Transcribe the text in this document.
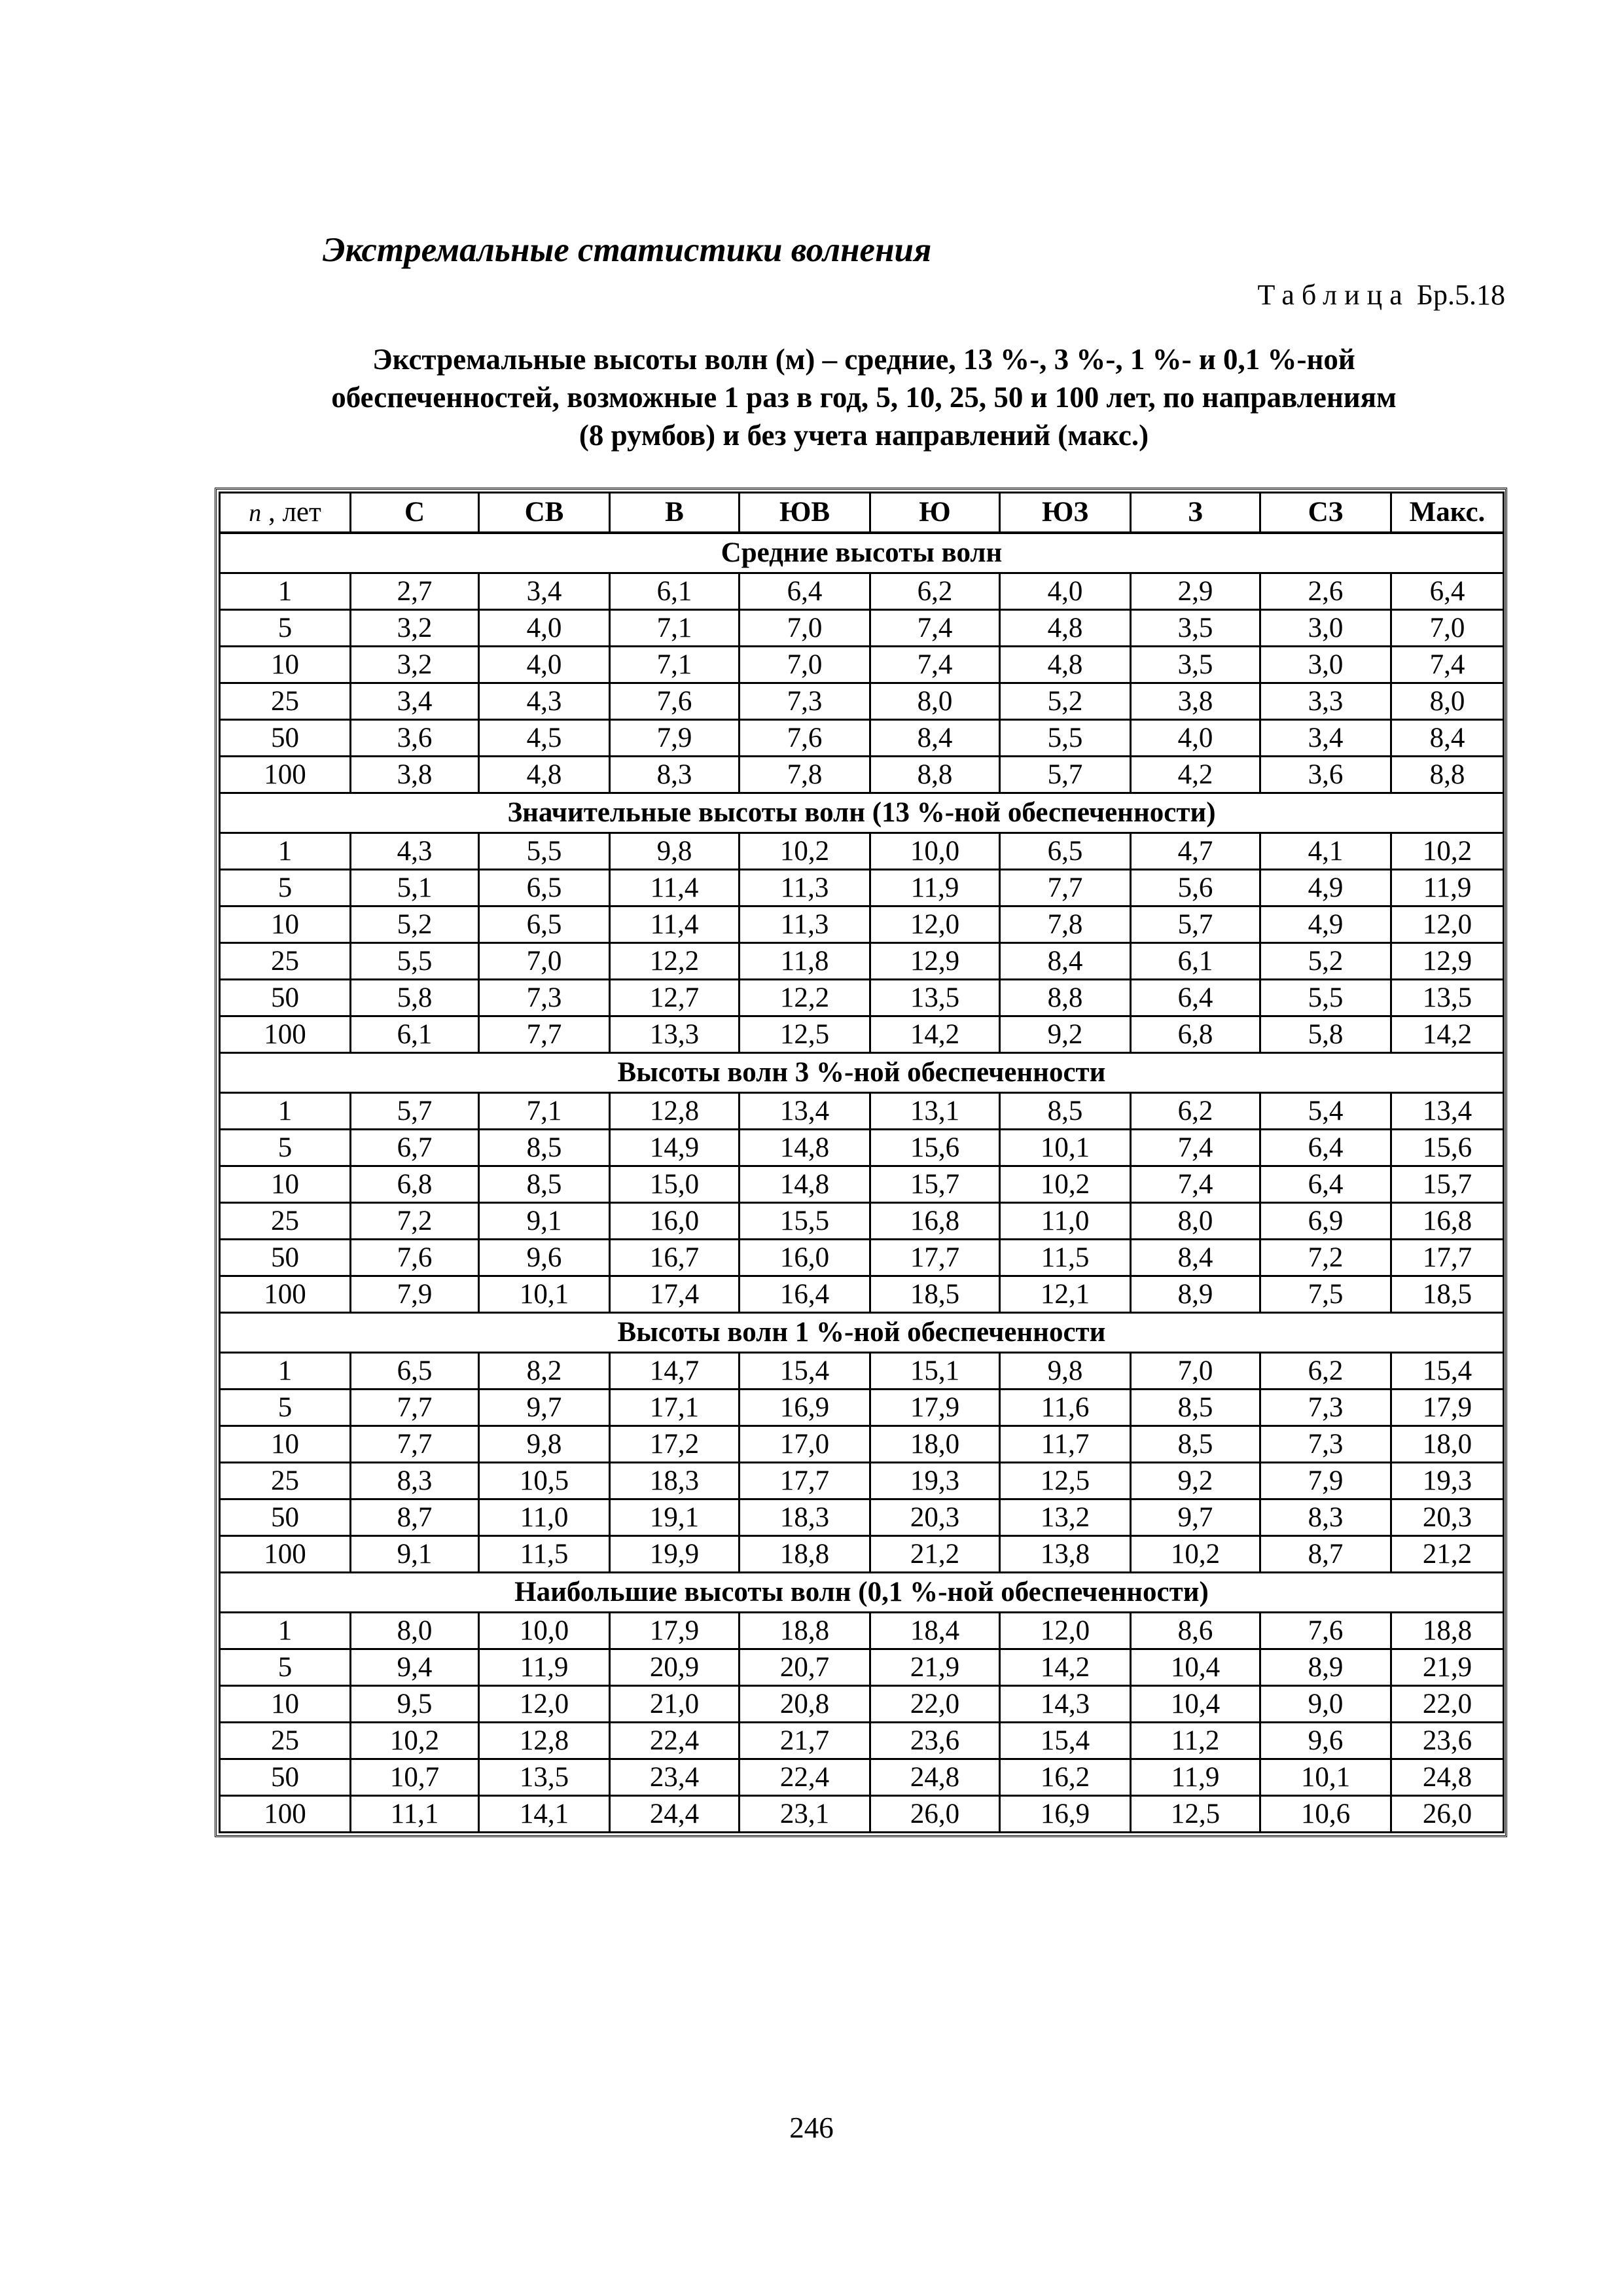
Экстремальные статистики волнения
Таблица Бр.5.18
Экстремальные высоты волн (м) – средние, 13 %-, 3 %-, 1 %- и 0,1 %-ной
обеспеченностей, возможные 1 раз в год, 5, 10, 25, 50 и 100 лет, по направлениям
(8 румбов) и без учета направлений (макс.)
n , лет	С	СВ	В	ЮВ	Ю	ЮЗ	З	СЗ	Макс.
Средние высоты волн									
1	2,7	3,4	6,1	6,4	6,2	4,0	2,9	2,6	6,4
5	3,2	4,0	7,1	7,0	7,4	4,8	3,5	3,0	7,0
10	3,2	4,0	7,1	7,0	7,4	4,8	3,5	3,0	7,4
25	3,4	4,3	7,6	7,3	8,0	5,2	3,8	3,3	8,0
50	3,6	4,5	7,9	7,6	8,4	5,5	4,0	3,4	8,4
100	3,8	4,8	8,3	7,8	8,8	5,7	4,2	3,6	8,8
Значительные высоты волн (13 %-ной обеспеченности)									
1	4,3	5,5	9,8	10,2	10,0	6,5	4,7	4,1	10,2
5	5,1	6,5	11,4	11,3	11,9	7,7	5,6	4,9	11,9
10	5,2	6,5	11,4	11,3	12,0	7,8	5,7	4,9	12,0
25	5,5	7,0	12,2	11,8	12,9	8,4	6,1	5,2	12,9
50	5,8	7,3	12,7	12,2	13,5	8,8	6,4	5,5	13,5
100	6,1	7,7	13,3	12,5	14,2	9,2	6,8	5,8	14,2
Высоты волн 3 %-ной обеспеченности									
1	5,7	7,1	12,8	13,4	13,1	8,5	6,2	5,4	13,4
5	6,7	8,5	14,9	14,8	15,6	10,1	7,4	6,4	15,6
10	6,8	8,5	15,0	14,8	15,7	10,2	7,4	6,4	15,7
25	7,2	9,1	16,0	15,5	16,8	11,0	8,0	6,9	16,8
50	7,6	9,6	16,7	16,0	17,7	11,5	8,4	7,2	17,7
100	7,9	10,1	17,4	16,4	18,5	12,1	8,9	7,5	18,5
Высоты волн 1 %-ной обеспеченности									
1	6,5	8,2	14,7	15,4	15,1	9,8	7,0	6,2	15,4
5	7,7	9,7	17,1	16,9	17,9	11,6	8,5	7,3	17,9
10	7,7	9,8	17,2	17,0	18,0	11,7	8,5	7,3	18,0
25	8,3	10,5	18,3	17,7	19,3	12,5	9,2	7,9	19,3
50	8,7	11,0	19,1	18,3	20,3	13,2	9,7	8,3	20,3
100	9,1	11,5	19,9	18,8	21,2	13,8	10,2	8,7	21,2
Наибольшие высоты волн (0,1 %-ной обеспеченности)									
1	8,0	10,0	17,9	18,8	18,4	12,0	8,6	7,6	18,8
5	9,4	11,9	20,9	20,7	21,9	14,2	10,4	8,9	21,9
10	9,5	12,0	21,0	20,8	22,0	14,3	10,4	9,0	22,0
25	10,2	12,8	22,4	21,7	23,6	15,4	11,2	9,6	23,6
50	10,7	13,5	23,4	22,4	24,8	16,2	11,9	10,1	24,8
100	11,1	14,1	24,4	23,1	26,0	16,9	12,5	10,6	26,0
246
